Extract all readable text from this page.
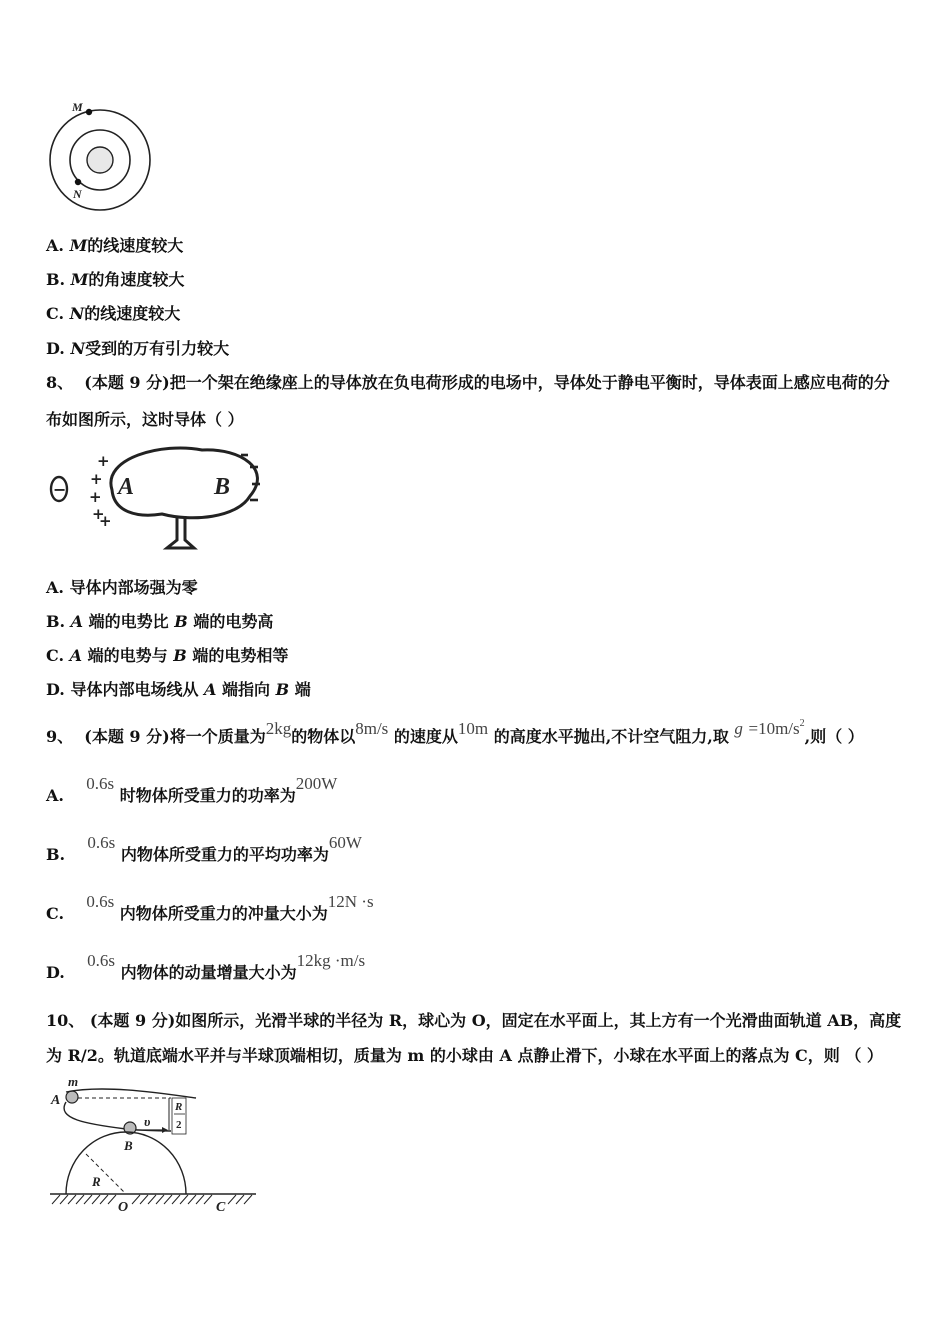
M
N
A. M的线速度较大
B. M的角速度较大
C. N的线速度较大
D. N受到的万有引力较大
8、 (本题 9 分)把一个架在绝缘座上的导体放在负电荷形成的电场中，导体处于静电平衡时，导体表面上感应电荷的分
布如图所示，这时导体（ ）
−
+
+
+
+
+
A	B
A. 导体内部场强为零
B. A 端的电势比 B 端的电势高
C. A 端的电势与 B 端的电势相等
D. 导体内部电场线从 A 端指向 B 端
9、 (本题 9 分)将一个质量为2kg的物体以8m/s 的速度从10m 的高度水平抛出,不计空气阻力,取 $g =10m/s^2$,则（ ）
A.    0.6s 时物体所受重力的功率为200W
B.    0.6s 内物体所受重力的平均功率为60W
C.    0.6s 内物体所受重力的冲量大小为12N ·s
D.    0.6s 内物体的动量增量大小为12kg ·m/s
10、 (本题 9 分)如图所示，光滑半球的半径为 R，球心为 O，固定在水平面上，其上方有一个光滑曲面轨道 AB，高度
为 R/2。轨道底端水平并与半球顶端相切，质量为 m 的小球由 A 点静止滑下，小球在水平面上的落点为 C，则 （ ）
m
A	R
2
υ
B
R
O	C
